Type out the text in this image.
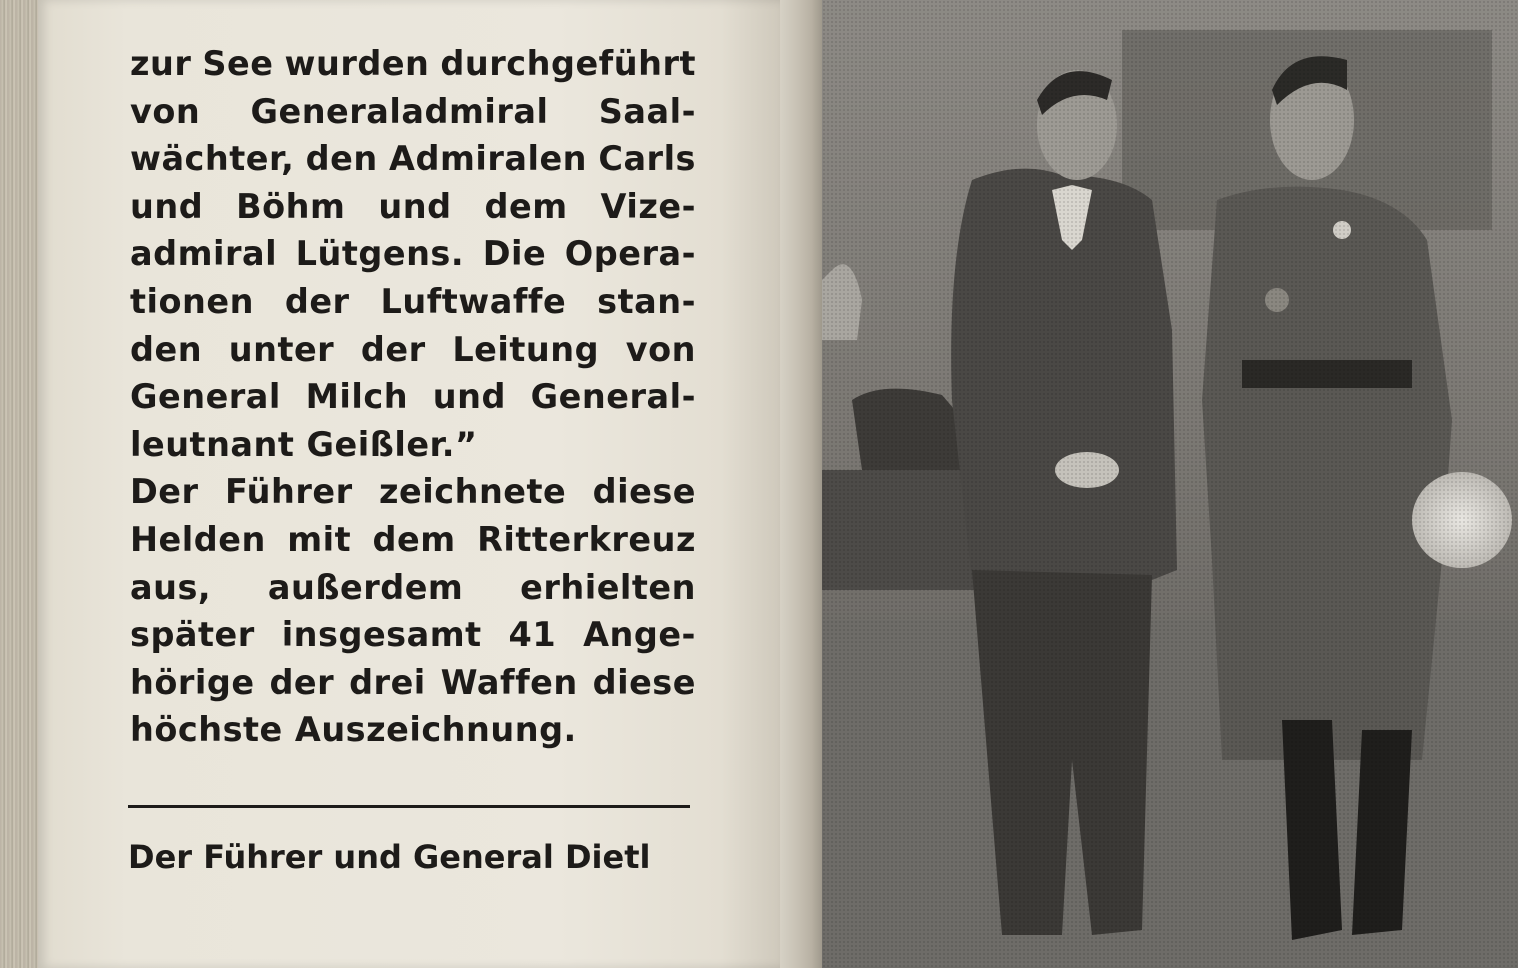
zur See wurden durchgeführt
von Generaladmiral Saal-
wächter, den Admiralen Carls
und Böhm und dem Vize-
admiral Lütgens. Die Opera-
tionen der Luftwaffe stan-
den unter der Leitung von
General Milch und General-
leutnant Geißler.”
Der Führer zeichnete diese
Helden mit dem Ritterkreuz
aus, außerdem erhielten
später insgesamt 41 Ange-
hörige der drei Waffen diese
höchste Auszeichnung.
Der Führer und General Dietl
